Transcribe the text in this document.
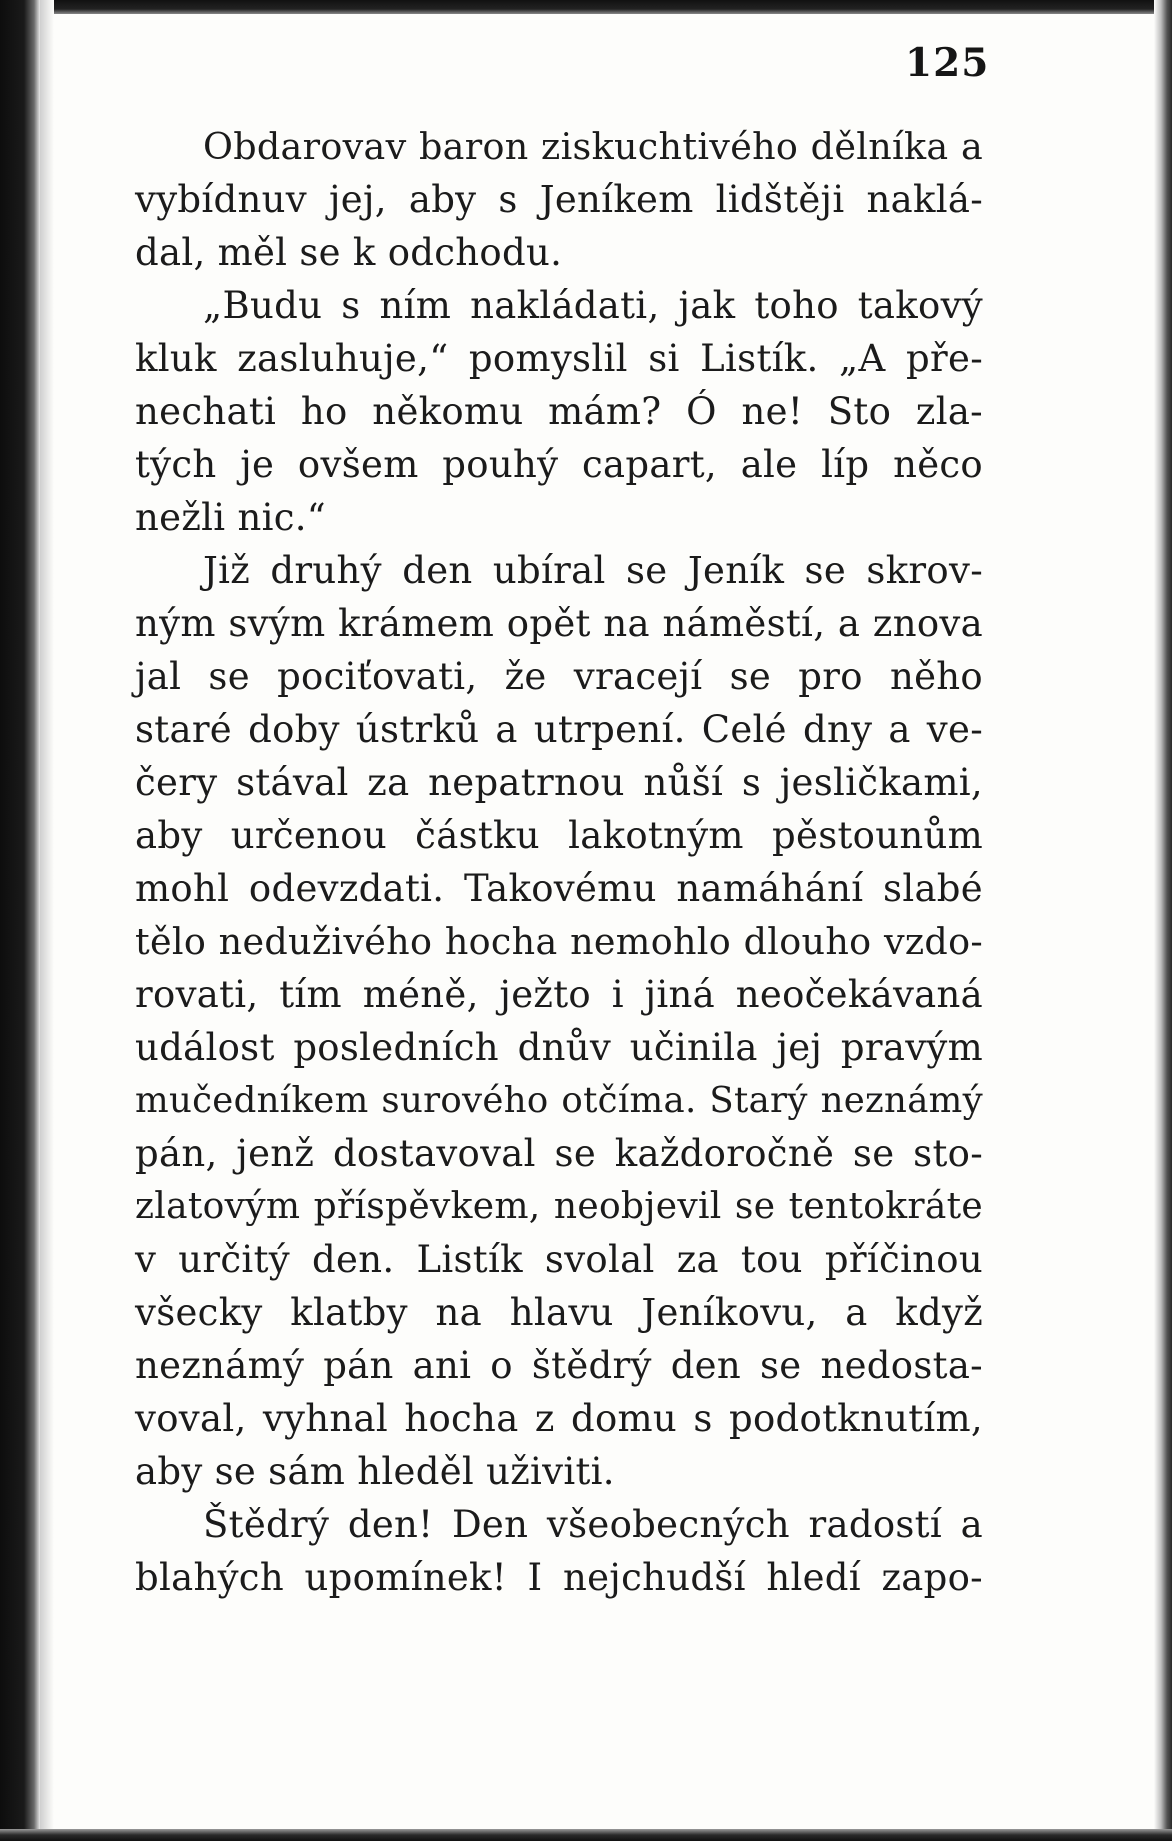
125
Obdarovav baron ziskuchtivého dělníka a
vybídnuv jej, aby s Jeníkem lidštěji naklá-
dal, měl se k odchodu.
„Budu s ním nakládati, jak toho takový
kluk zasluhuje,“ pomyslil si Listík. „A pře-
nechati ho někomu mám? Ó ne! Sto zla-
tých je ovšem pouhý capart, ale líp něco
nežli nic.“
Již druhý den ubíral se Jeník se skrov-
ným svým krámem opět na náměstí, a znova
jal se pociťovati, že vracejí se pro něho
staré doby ústrků a utrpení. Celé dny a ve-
čery stával za nepatrnou nůší s jesličkami,
aby určenou částku lakotným pěstounům
mohl odevzdati. Takovému namáhání slabé
tělo neduživého hocha nemohlo dlouho vzdo-
rovati, tím méně, ježto i jiná neočekávaná
událost posledních dnův učinila jej pravým
mučedníkem surového otčíma. Starý neznámý
pán, jenž dostavoval se každoročně se sto-
zlatovým příspěvkem, neobjevil se tentokráte
v určitý den. Listík svolal za tou příčinou
všecky klatby na hlavu Jeníkovu, a když
neznámý pán ani o štědrý den se nedosta-
voval, vyhnal hocha z domu s podotknutím,
aby se sám hleděl uživiti.
Štědrý den! Den všeobecných radostí a
blahých upomínek! I nejchudší hledí zapo-
